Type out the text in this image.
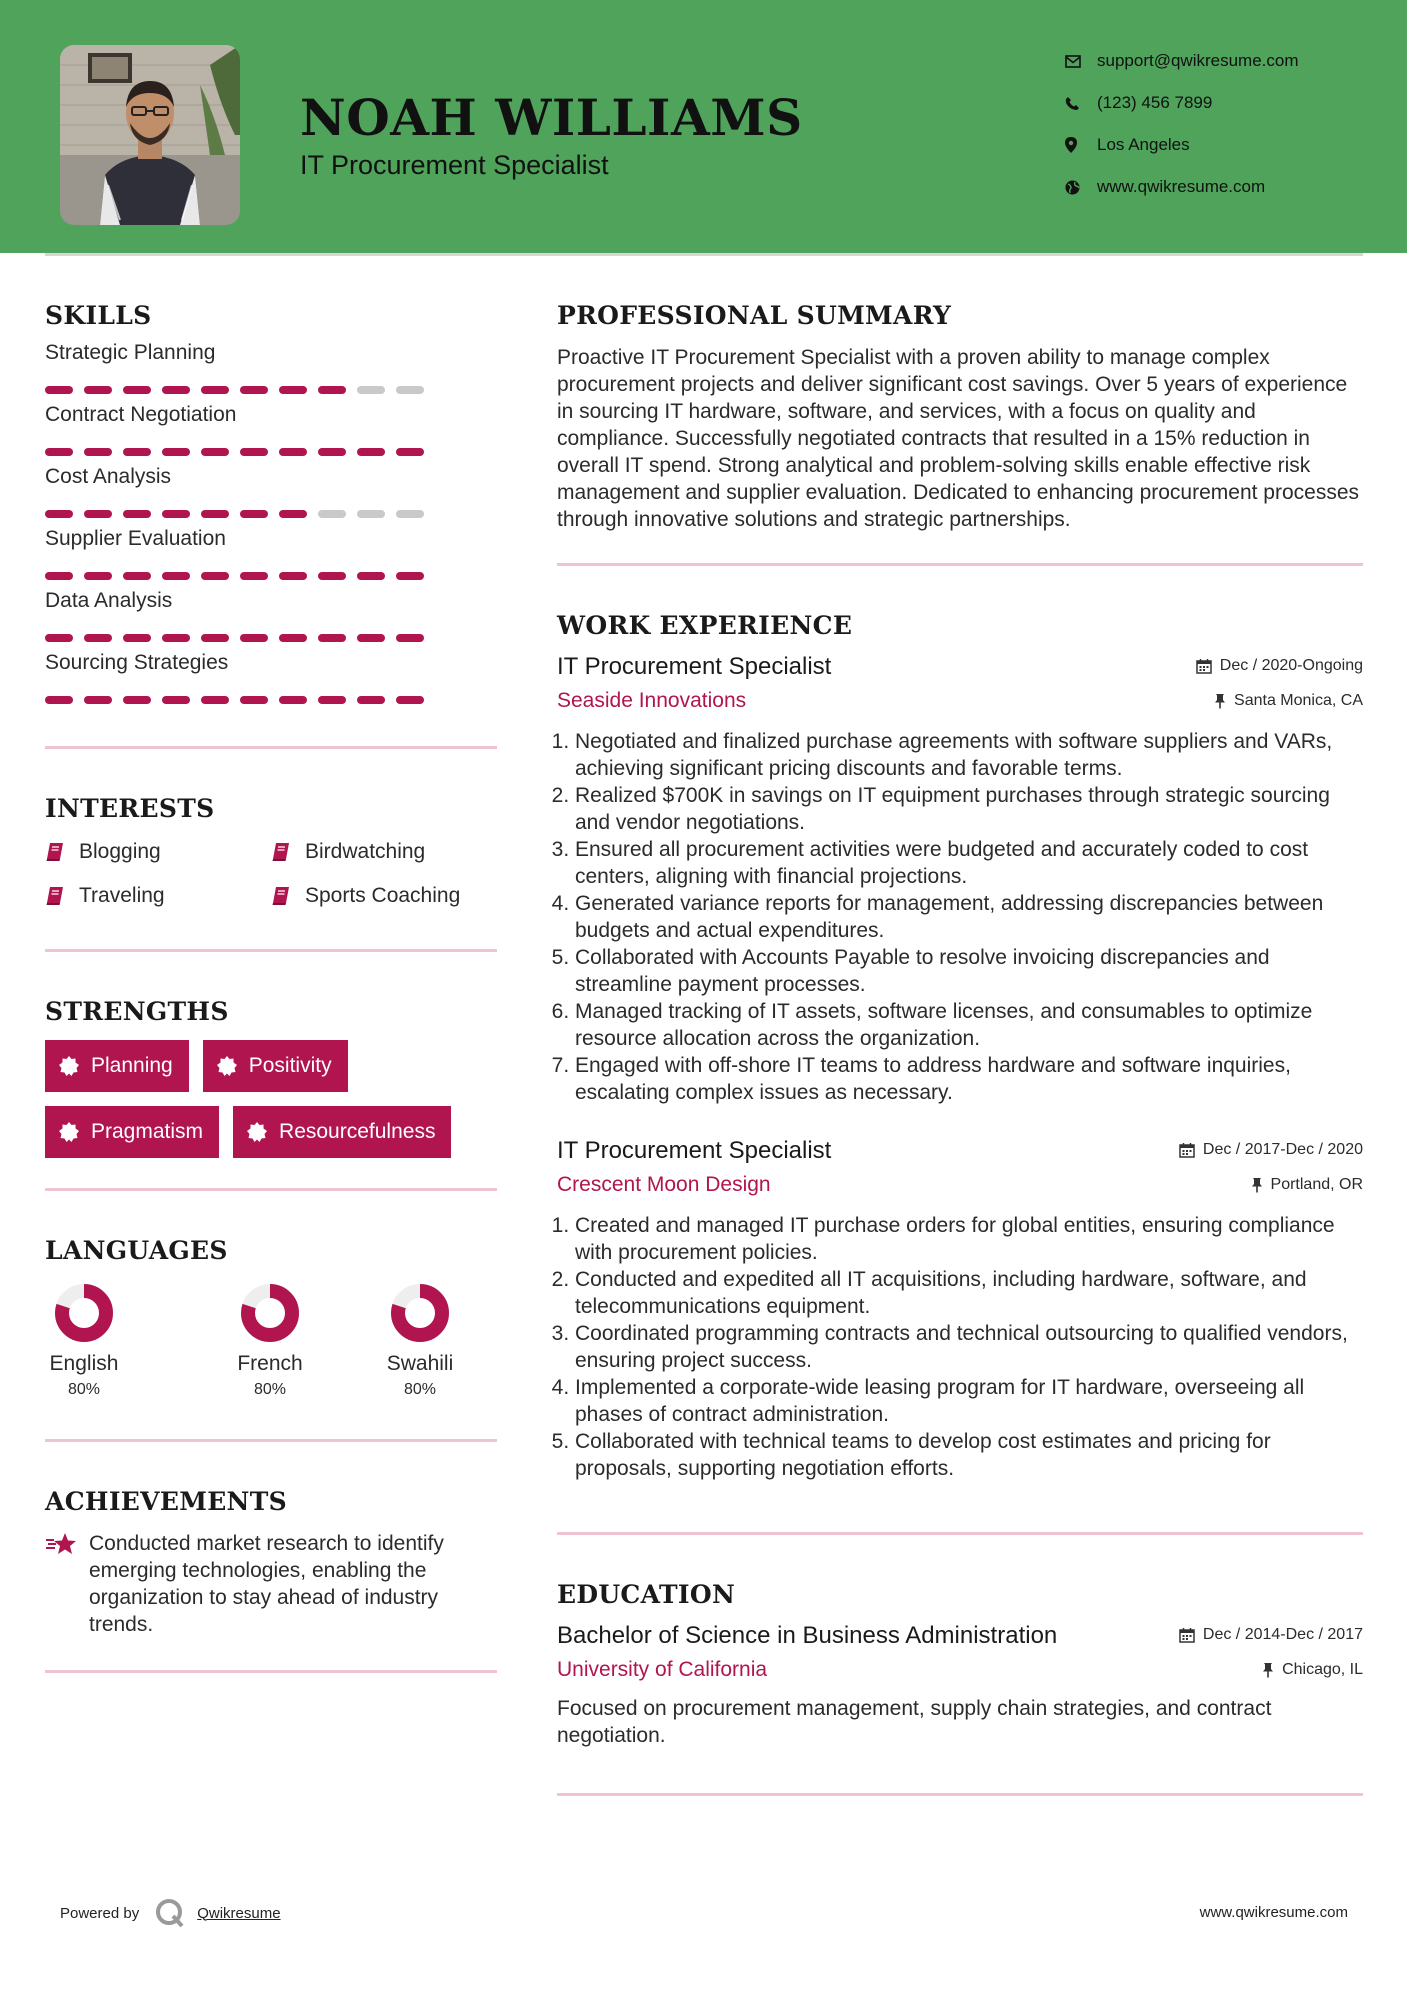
NOAH WILLIAMS
IT Procurement Specialist
support@qwikresume.com
(123) 456 7899
Los Angeles
www.qwikresume.com
SKILLS
Strategic Planning
Contract Negotiation
Cost Analysis
Supplier Evaluation
Data Analysis
Sourcing Strategies
INTERESTS
Blogging	Birdwatching
Traveling	Sports Coaching
STRENGTHS
Planning	Positivity
Pragmatism	Resourcefulness
LANGUAGES
English
80%
French
80%
Swahili
80%
ACHIEVEMENTS
Conducted market research to identify emerging technologies, enabling the organization to stay ahead of industry trends.
PROFESSIONAL SUMMARY

Proactive IT Procurement Specialist with a proven ability to manage complex procurement projects and deliver significant cost savings. Over 5 years of experience in sourcing IT hardware, software, and services, with a focus on quality and compliance. Successfully negotiated contracts that resulted in a 15% reduction in overall IT spend. Strong analytical and problem-solving skills enable effective risk management and supplier evaluation. Dedicated to enhancing procurement processes through innovative solutions and strategic partnerships.

WORK EXPERIENCE
IT Procurement Specialist	Dec / 2020-Ongoing
Seaside Innovations	Santa Monica, CA
1. Negotiated and finalized purchase agreements with software suppliers and VARs, achieving significant pricing discounts and favorable terms.
2. Realized $700K in savings on IT equipment purchases through strategic sourcing and vendor negotiations.
3. Ensured all procurement activities were budgeted and accurately coded to cost centers, aligning with financial projections.
4. Generated variance reports for management, addressing discrepancies between budgets and actual expenditures.
5. Collaborated with Accounts Payable to resolve invoicing discrepancies and streamline payment processes.
6. Managed tracking of IT assets, software licenses, and consumables to optimize resource allocation across the organization.
7. Engaged with off-shore IT teams to address hardware and software inquiries, escalating complex issues as necessary.
IT Procurement Specialist	Dec / 2017-Dec / 2020
Crescent Moon Design	Portland, OR
1. Created and managed IT purchase orders for global entities, ensuring compliance with procurement policies.
2. Conducted and expedited all IT acquisitions, including hardware, software, and telecommunications equipment.
3. Coordinated programming contracts and technical outsourcing to qualified vendors, ensuring project success.
4. Implemented a corporate-wide leasing program for IT hardware, overseeing all phases of contract administration.
5. Collaborated with technical teams to develop cost estimates and pricing for proposals, supporting negotiation efforts.
EDUCATION
Bachelor of Science in Business Administration	Dec / 2014-Dec / 2017
University of California	Chicago, IL

Focused on procurement management, supply chain strategies, and contract negotiation.

Powered by	Qwikresume	www.qwikresume.com
